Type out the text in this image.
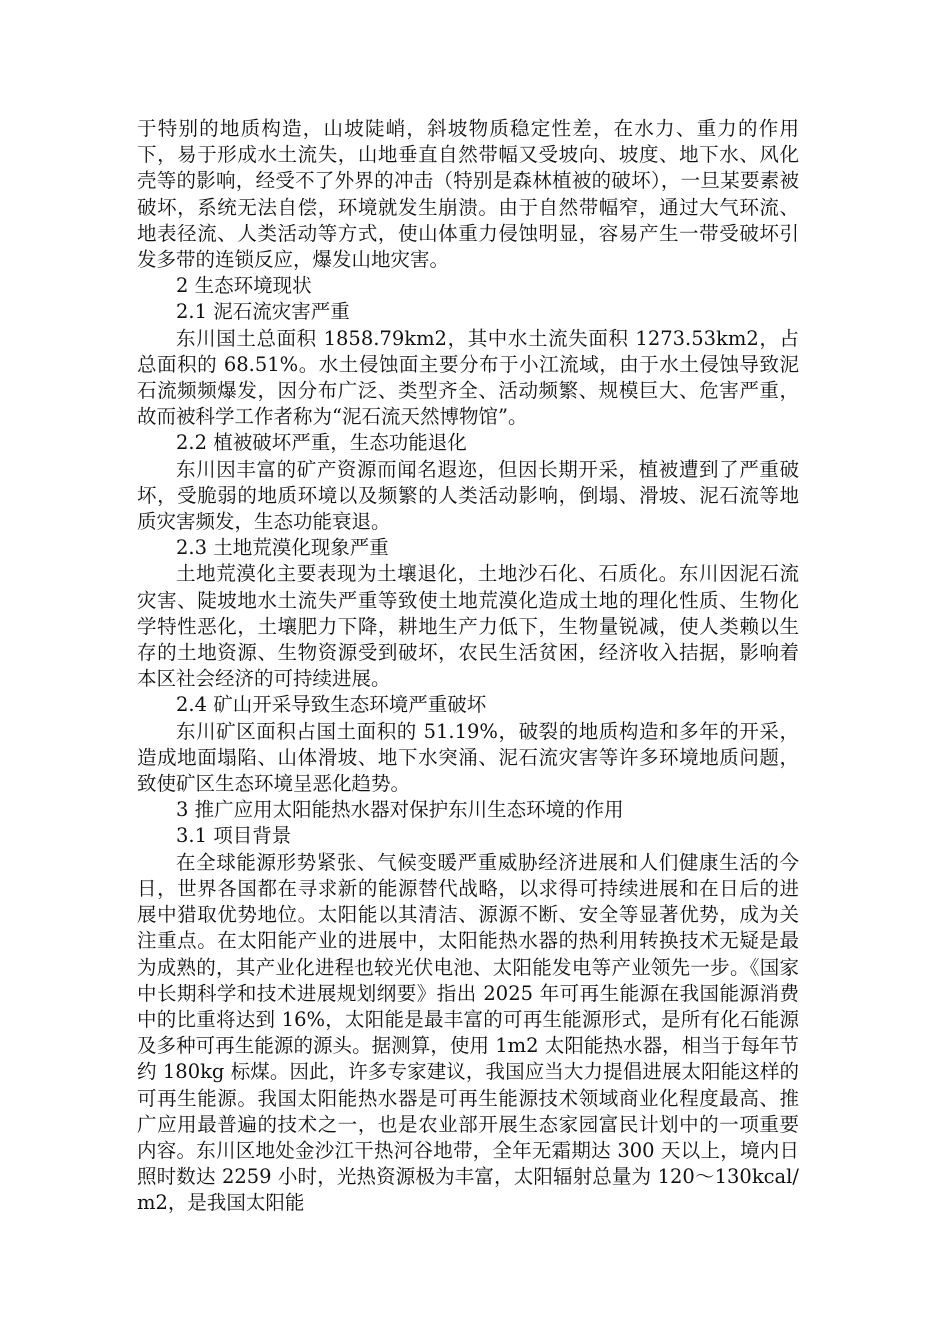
于特别的地质构造，山坡陡峭，斜坡物质稳定性差，在水力、重力的作用下，易于形成水土流失，山地垂直自然带幅又受坡向、坡度、地下水、风化壳等的影响，经受不了外界的冲击（特别是森林植被的破坏），一旦某要素被破坏，系统无法自偿，环境就发生崩溃。由于自然带幅窄，通过大气环流、地表径流、人类活动等方式，使山体重力侵蚀明显，容易产生一带受破坏引发多带的连锁反应，爆发山地灾害。

2 生态环境现状

2.1 泥石流灾害严重

东川国土总面积 1858.79km2，其中水土流失面积 1273.53km2，占总面积的 68.51%。水土侵蚀面主要分布于小江流域，由于水土侵蚀导致泥石流频频爆发，因分布广泛、类型齐全、活动频繁、规模巨大、危害严重，故而被科学工作者称为“泥石流天然博物馆”。

2.2 植被破坏严重，生态功能退化

东川因丰富的矿产资源而闻名遐迩，但因长期开采，植被遭到了严重破坏，受脆弱的地质环境以及频繁的人类活动影响，倒塌、滑坡、泥石流等地质灾害频发，生态功能衰退。

2.3 土地荒漠化现象严重

土地荒漠化主要表现为土壤退化，土地沙石化、石质化。东川因泥石流灾害、陡坡地水土流失严重等致使土地荒漠化造成土地的理化性质、生物化学特性恶化，土壤肥力下降，耕地生产力低下，生物量锐减，使人类赖以生存的土地资源、生物资源受到破坏，农民生活贫困，经济收入拮据，影响着本区社会经济的可持续进展。

2.4 矿山开采导致生态环境严重破坏

东川矿区面积占国土面积的 51.19%，破裂的地质构造和多年的开采，造成地面塌陷、山体滑坡、地下水突涌、泥石流灾害等许多环境地质问题，致使矿区生态环境呈恶化趋势。

3 推广应用太阳能热水器对保护东川生态环境的作用

3.1 项目背景

在全球能源形势紧张、气候变暖严重威胁经济进展和人们健康生活的今日，世界各国都在寻求新的能源替代战略，以求得可持续进展和在日后的进展中猎取优势地位。太阳能以其清洁、源源不断、安全等显著优势，成为关注重点。在太阳能产业的进展中，太阳能热水器的热利用转换技术无疑是最为成熟的，其产业化进程也较光伏电池、太阳能发电等产业领先一步。《国家中长期科学和技术进展规划纲要》指出 2025 年可再生能源在我国能源消费中的比重将达到 16%，太阳能是最丰富的可再生能源形式，是所有化石能源及多种可再生能源的源头。据测算，使用 1m2 太阳能热水器，相当于每年节约 180kg 标煤。因此，许多专家建议，我国应当大力提倡进展太阳能这样的可再生能源。我国太阳能热水器是可再生能源技术领域商业化程度最高、推广应用最普遍的技术之一，也是农业部开展生态家园富民计划中的一项重要内容。东川区地处金沙江干热河谷地带，全年无霜期达 300 天以上，境内日照时数达 2259 小时，光热资源极为丰富，太阳辐射总量为 120～130kcal/m2，是我国太阳能
